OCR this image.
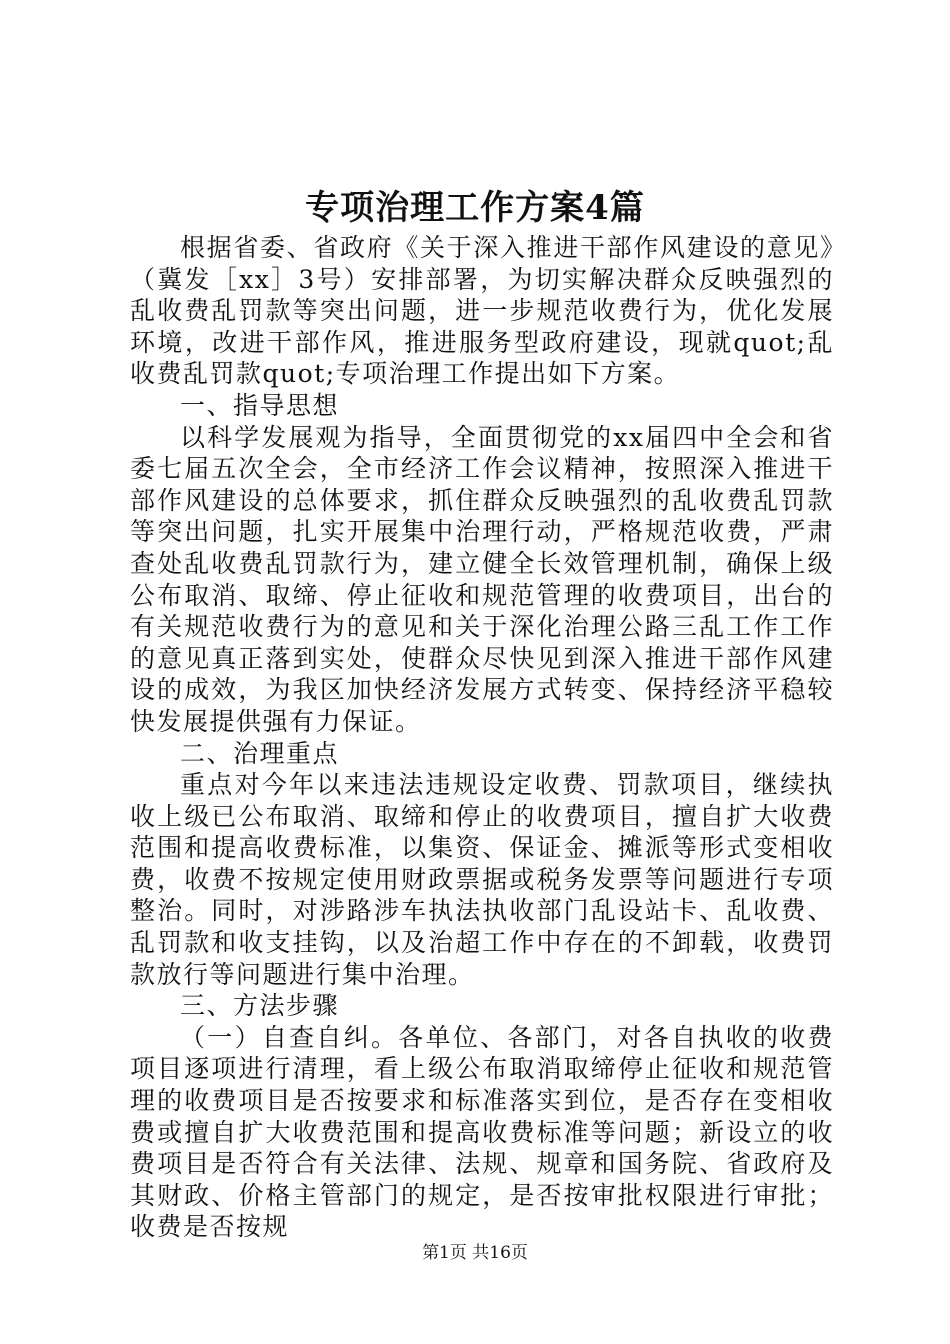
专项治理工作方案4篇

根据省委、省政府《关于深入推进干部作风建设的意见》（冀发［xx］3号）安排部署，为切实解决群众反映强烈的乱收费乱罚款等突出问题，进一步规范收费行为，优化发展环境，改进干部作风，推进服务型政府建设，现就quot;乱收费乱罚款quot;专项治理工作提出如下方案。

一、指导思想

以科学发展观为指导，全面贯彻党的xx届四中全会和省委七届五次全会，全市经济工作会议精神，按照深入推进干部作风建设的总体要求，抓住群众反映强烈的乱收费乱罚款等突出问题，扎实开展集中治理行动，严格规范收费，严肃查处乱收费乱罚款行为，建立健全长效管理机制，确保上级公布取消、取缔、停止征收和规范管理的收费项目，出台的有关规范收费行为的意见和关于深化治理公路三乱工作工作的意见真正落到实处，使群众尽快见到深入推进干部作风建设的成效，为我区加快经济发展方式转变、保持经济平稳较快发展提供强有力保证。

二、治理重点

重点对今年以来违法违规设定收费、罚款项目，继续执收上级已公布取消、取缔和停止的收费项目，擅自扩大收费范围和提高收费标准，以集资、保证金、摊派等形式变相收费，收费不按规定使用财政票据或税务发票等问题进行专项整治。同时，对涉路涉车执法执收部门乱设站卡、乱收费、乱罚款和收支挂钩，以及治超工作中存在的不卸载，收费罚款放行等问题进行集中治理。

三、方法步骤

（一）自查自纠。各单位、各部门，对各自执收的收费项目逐项进行清理，看上级公布取消取缔停止征收和规范管理的收费项目是否按要求和标准落实到位，是否存在变相收费或擅自扩大收费范围和提高收费标准等问题；新设立的收费项目是否符合有关法律、法规、规章和国务院、省政府及其财政、价格主管部门的规定，是否按审批权限进行审批；收费是否按规

第1页 共16页
